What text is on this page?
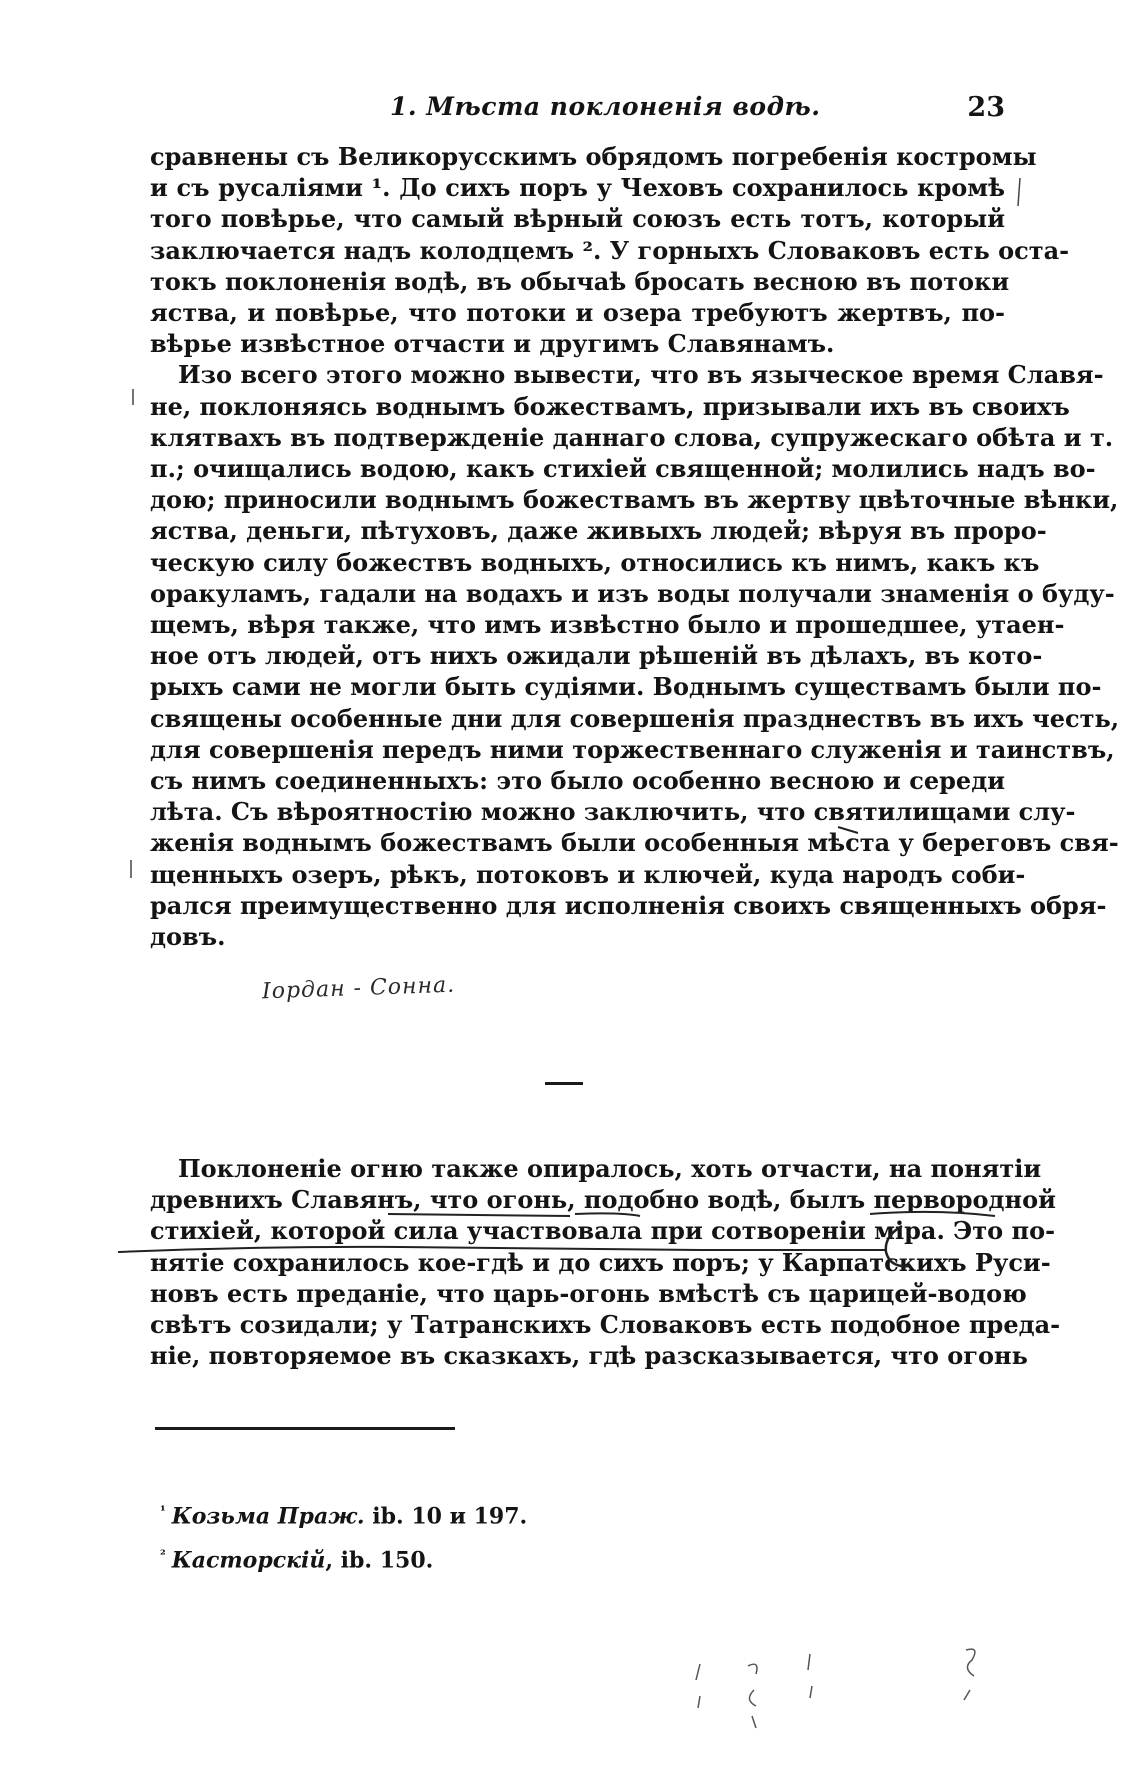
1. Мѣста поклоненія водѣ.	23
сравнены съ Великорусскимъ обрядомъ погребенія костромы
и съ русаліями ¹. До сихъ поръ у Чеховъ сохранилось кромѣ
того повѣрье, что самый вѣрный союзъ есть тотъ, который
заключается надъ колодцемъ ². У горныхъ Словаковъ есть оста-
токъ поклоненія водѣ, въ обычаѣ бросать весною въ потоки
яства, и повѣрье, что потоки и озера требуютъ жертвъ, по-
вѣрье извѣстное отчасти и другимъ Славянамъ.
Изо всего этого можно вывести, что въ языческое время Славя-
не, поклоняясь воднымъ божествамъ, призывали ихъ въ своихъ
клятвахъ въ подтвержденіе даннаго слова, супружескаго обѣта и т.
п.; очищались водою, какъ стихіей священной; молились надъ во-
дою; приносили воднымъ божествамъ въ жертву цвѣточные вѣнки,
яства, деньги, пѣтуховъ, даже живыхъ людей; вѣруя въ проро-
ческую силу божествъ водныхъ, относились къ нимъ, какъ къ
оракуламъ, гадали на водахъ и изъ воды получали знаменія о буду-
щемъ, вѣря также, что имъ извѣстно было и прошедшее, утаен-
ное отъ людей, отъ нихъ ожидали рѣшеній въ дѣлахъ, въ кото-
рыхъ сами не могли быть судіями. Воднымъ существамъ были по-
священы особенные дни для совершенія празднествъ въ ихъ честь,
для совершенія передъ ними торжественнаго служенія и таинствъ,
съ нимъ соединенныхъ: это было особенно весною и середи
лѣта. Съ вѣроятностію можно заключить, что святилищами слу-
женія воднымъ божествамъ были особенныя мѣста у береговъ свя-
щенныхъ озеръ, рѣкъ, потоковъ и ключей, куда народъ соби-
рался преимущественно для исполненія своихъ священныхъ обря-
довъ.
Iордан - Сонна.
Поклоненіе огню также опиралось, хоть отчасти, на понятіи
древнихъ Славянъ, что огонь, подобно водѣ, былъ первородной
стихіей, которой сила участвовала при сотвореніи міра. Это по-
нятіе сохранилось кое-гдѣ и до сихъ поръ; у Карпатскихъ Руси-
новъ есть преданіе, что царь-огонь вмѣстѣ съ царицей-водою
свѣтъ созидали; у Татранскихъ Словаковъ есть подобное преда-
ніе, повторяемое въ сказкахъ, гдѣ разсказывается, что огонь
$^{^1}$ Козьма Праж. ib. 10 и 197.
$^{^2}$ Касторскій, ib. 150.
